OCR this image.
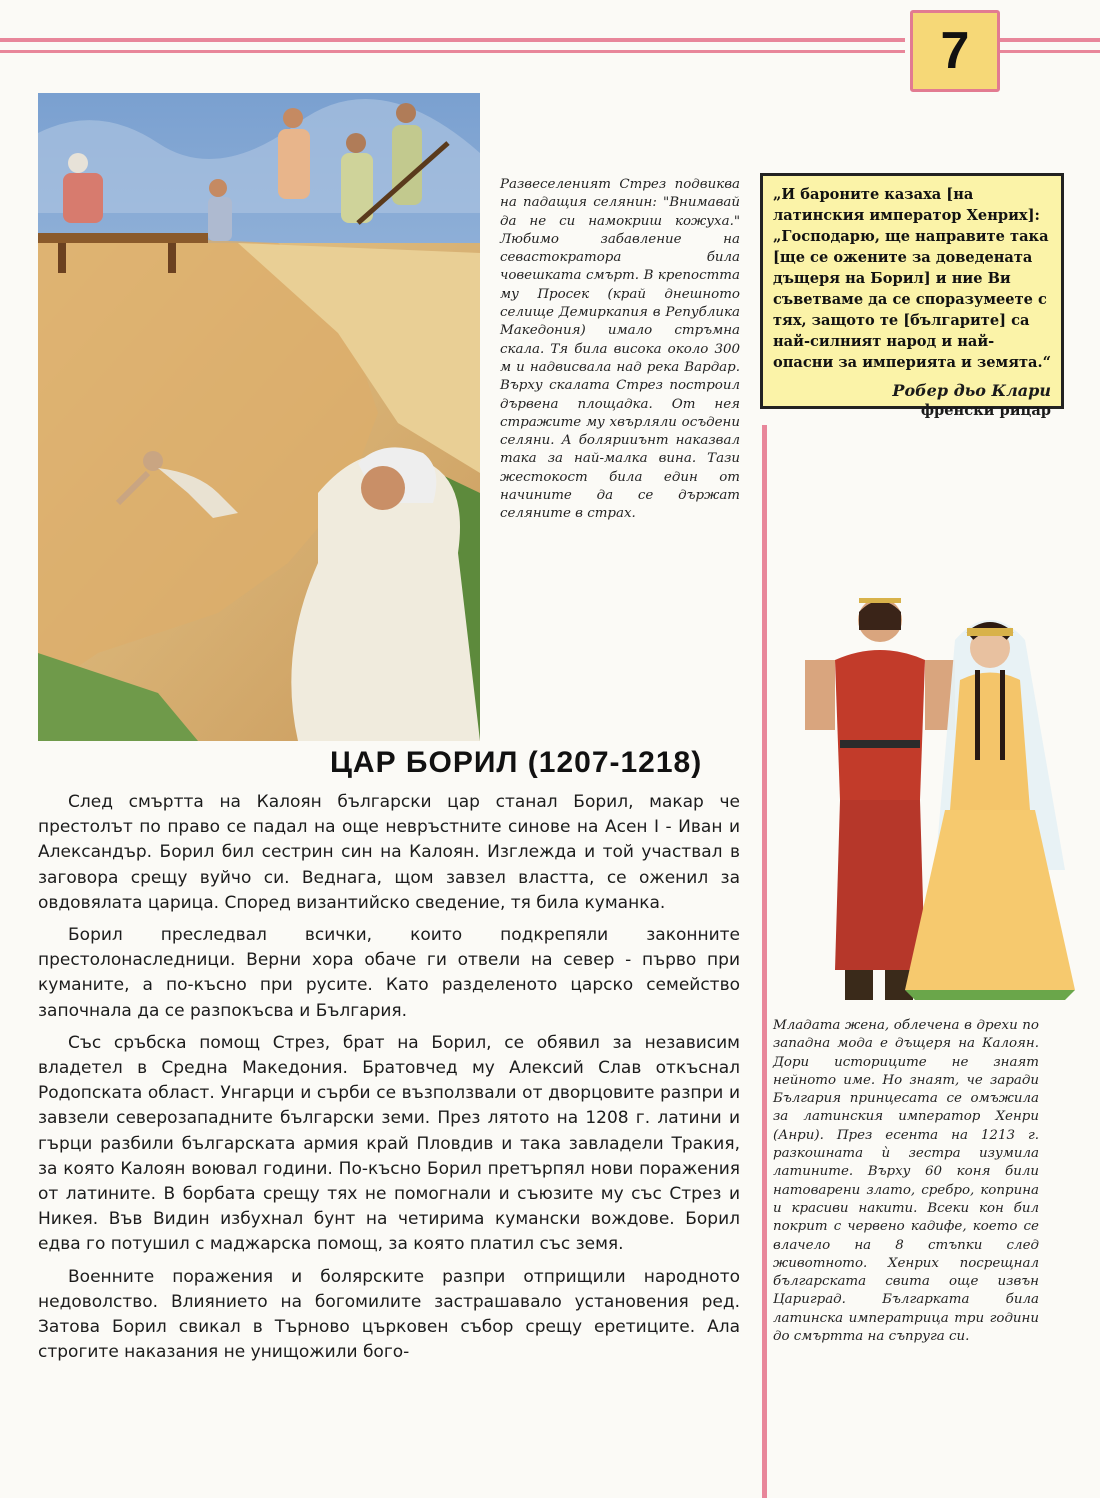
7
Развеселеният Стрез подвиква на падащия селянин: "Внимавай да не си намокриш кожуха." Любимо забавление на севастократора била човешката смърт. В крепостта му Просек (край днешното селище Демиркапия в Република Македония) имало стръмна скала. Тя била висока около 300 м и надвисвала над река Вардар. Върху скалата Стрез построил дървена площадка. От нея стражите му хвърляли осъдени селяни. А болярииънт наказвал така за най-малка вина. Тази жестокост била един от начините да се държат селяните в страх.
„И бароните казаха [на латинския император Хенрих]: „Господарю, ще направите така [ще се ожените за доведената дъщеря на Борил] и ние Ви съветваме да се споразумеете с тях, защото те [българите] са най-силният народ и най-опасни за империята и земята.“
Робер дьо Клари
френски рицар
ЦАР БОРИЛ (1207-1218)

След смъртта на Калоян български цар станал Борил, макар че престолът по право се падал на още невръстните синове на Асен I - Иван и Александър. Борил бил сестрин син на Калоян. Изглежда и той участвал в заговора срещу вуйчо си. Веднага, щом завзел властта, се оженил за овдовялата царица. Според византийско сведение, тя била куманка.

Борил преследвал всички, които подкрепяли законните престолонаследници. Верни хора обаче ги отвели на север - първо при куманите, а по-късно при русите. Като разделеното царско семейство започнала да се разпокъсва и България.

Със сръбска помощ Стрез, брат на Борил, се обявил за независим владетел в Средна Македония. Братовчед му Алексий Слав откъснал Родопската област. Унгарци и сърби се възползвали от дворцовите разпри и завзели северозападните български земи. През лятото на 1208 г. латини и гърци разбили българската армия край Пловдив и така завладели Тракия, за която Калоян воювал години. По-късно Борил претърпял нови поражения от латините. В борбата срещу тях не помогнали и съюзите му със Стрез и Никея. Във Видин избухнал бунт на четирима кумански вождове. Борил едва го потушил с маджарска помощ, за която платил със земя.

Военните поражения и болярските разпри отприщили народното недоволство. Влиянието на богомилите застрашавало установения ред. Затова Борил свикал в Търново църковен събор срещу еретиците. Ала строгите наказания не унищожили бого-

Младата жена, облечена в дрехи по западна мода е дъщеря на Калоян. Дори историците не знаят нейното име. Но знаят, че заради България принцесата се омъжила за латинския император Хенри (Анри). През есента на 1213 г. разкошната ѝ зестра изумила латините. Върху 60 коня били натоварени злато, сребро, коприна и красиви накити. Всеки кон бил покрит с червено кадифе, което се влачело на 8 стъпки след животното. Хенрих посрещнал българската свита още извън Цариград. Българката била латинска императрица три години до смъртта на съпруга си.
